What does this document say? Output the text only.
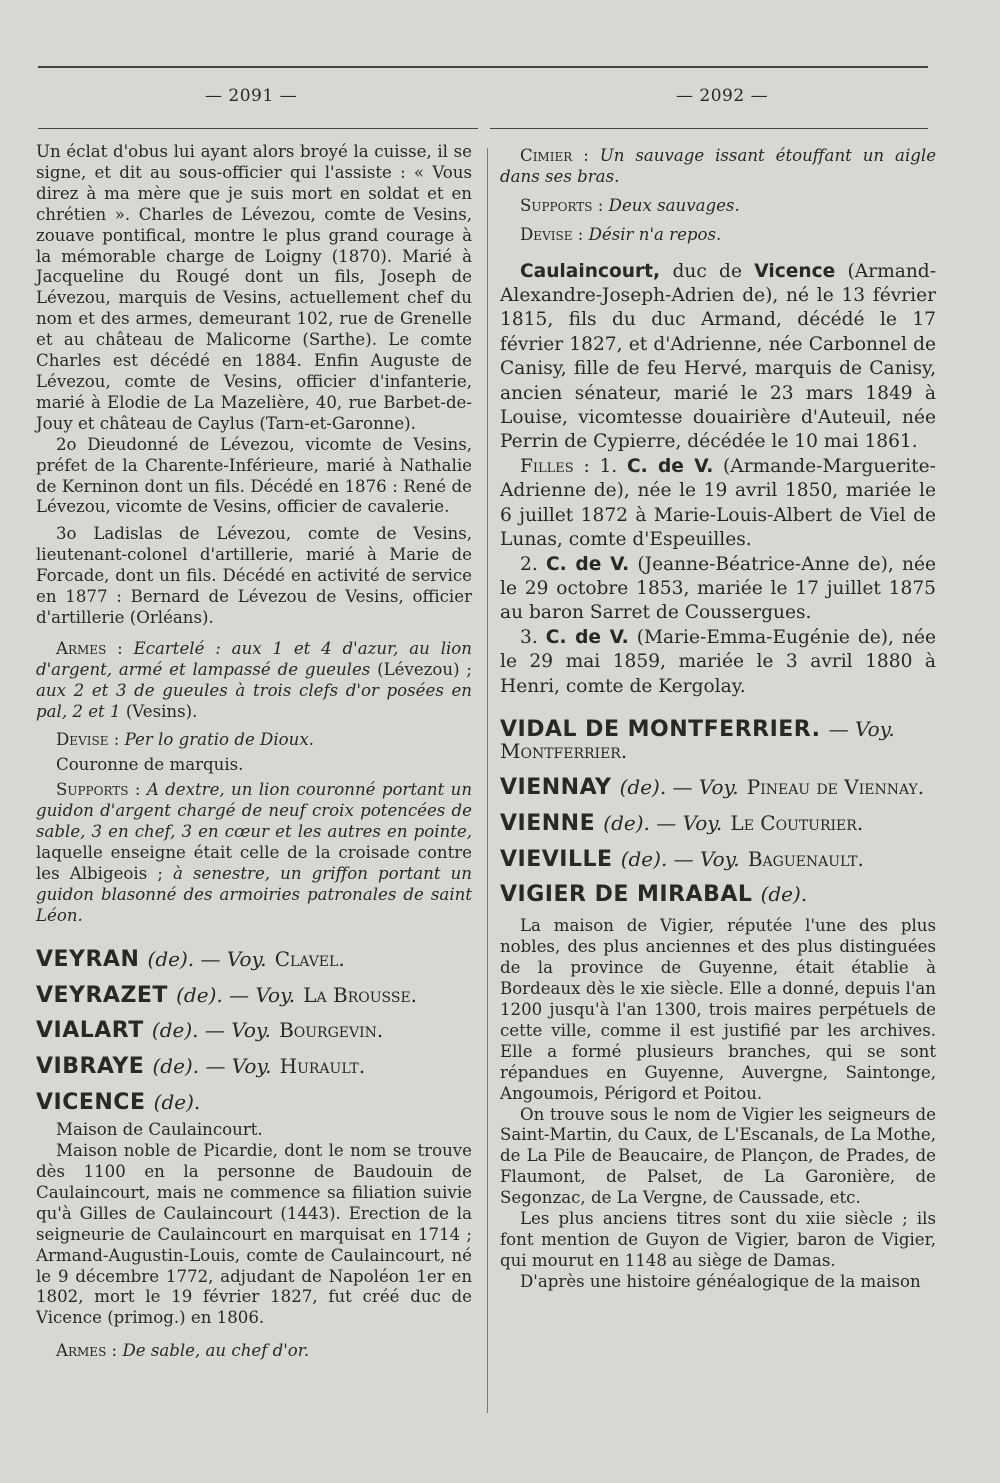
— 2091 —	— 2092 —

Un éclat d'obus lui ayant alors broyé la cuisse, il se signe, et dit au sous-officier qui l'assiste : « Vous direz à ma mère que je suis mort en soldat et en chrétien ». Charles de Lévezou, comte de Vesins, zouave pontifical, montre le plus grand courage à la mémorable charge de Loigny (1870). Marié à Jacqueline du Rougé dont un fils, Joseph de Lévezou, marquis de Vesins, actuellement chef du nom et des armes, demeurant 102, rue de Grenelle et au château de Malicorne (Sarthe). Le comte Charles est décédé en 1884. Enfin Auguste de Lévezou, comte de Vesins, officier d'infanterie, marié à Elodie de La Mazelière, 40, rue Barbet-de-Jouy et château de Caylus (Tarn-et-Garonne).

2o Dieudonné de Lévezou, vicomte de Vesins, préfet de la Charente-Inférieure, marié à Nathalie de Kerninon dont un fils. Décédé en 1876 : René de Lévezou, vicomte de Vesins, officier de cavalerie.

3o Ladislas de Lévezou, comte de Vesins, lieutenant-colonel d'artillerie, marié à Marie de Forcade, dont un fils. Décédé en activité de service en 1877 : Bernard de Lévezou de Vesins, officier d'artillerie (Orléans).

Armes : Ecartelé : aux 1 et 4 d'azur, au lion d'argent, armé et lampassé de gueules (Lévezou) ; aux 2 et 3 de gueules à trois clefs d'or posées en pal, 2 et 1 (Vesins).

Devise : Per lo gratio de Dioux.

Couronne de marquis.

Supports : A dextre, un lion couronné portant un guidon d'argent chargé de neuf croix potencées de sable, 3 en chef, 3 en cœur et les autres en pointe, laquelle enseigne était celle de la croisade contre les Albigeois ; à senestre, un griffon portant un guidon blasonné des armoiries patronales de saint Léon.

VEYRAN (de). — Voy. Clavel.

VEYRAZET (de). — Voy. La Brousse.

VIALART (de). — Voy. Bourgevin.

VIBRAYE (de). — Voy. Hurault.

VICENCE (de).

Maison de Caulaincourt.

Maison noble de Picardie, dont le nom se trouve dès 1100 en la personne de Baudouin de Caulaincourt, mais ne commence sa filiation suivie qu'à Gilles de Caulaincourt (1443). Erection de la seigneurie de Caulaincourt en marquisat en 1714 ; Armand-Augustin-Louis, comte de Caulaincourt, né le 9 décembre 1772, adjudant de Napoléon 1er en 1802, mort le 19 février 1827, fut créé duc de Vicence (primog.) en 1806.

Armes : De sable, au chef d'or.

Cimier : Un sauvage issant étouffant un aigle dans ses bras.

Supports : Deux sauvages.

Devise : Désir n'a repos.

Caulaincourt, duc de Vicence (Armand-Alexandre-Joseph-Adrien de), né le 13 février 1815, fils du duc Armand, décédé le 17 février 1827, et d'Adrienne, née Carbonnel de Canisy, fille de feu Hervé, marquis de Canisy, ancien sénateur, marié le 23 mars 1849 à Louise, vicomtesse douairière d'Auteuil, née Perrin de Cypierre, décédée le 10 mai 1861.

Filles : 1. C. de V. (Armande-Marguerite-Adrienne de), née le 19 avril 1850, mariée le 6 juillet 1872 à Marie-Louis-Albert de Viel de Lunas, comte d'Espeuilles.

2. C. de V. (Jeanne-Béatrice-Anne de), née le 29 octobre 1853, mariée le 17 juillet 1875 au baron Sarret de Coussergues.

3. C. de V. (Marie-Emma-Eugénie de), née le 29 mai 1859, mariée le 3 avril 1880 à Henri, comte de Kergolay.

VIDAL DE MONTFERRIER. — Voy. Montferrier.

VIENNAY (de). — Voy. Pineau de Viennay.

VIENNE (de). — Voy. Le Couturier.

VIEVILLE (de). — Voy. Baguenault.

VIGIER DE MIRABAL (de).

La maison de Vigier, réputée l'une des plus nobles, des plus anciennes et des plus distinguées de la province de Guyenne, était établie à Bordeaux dès le xie siècle. Elle a donné, depuis l'an 1200 jusqu'à l'an 1300, trois maires perpétuels de cette ville, comme il est justifié par les archives. Elle a formé plusieurs branches, qui se sont répandues en Guyenne, Auvergne, Saintonge, Angoumois, Périgord et Poitou.

On trouve sous le nom de Vigier les seigneurs de Saint-Martin, du Caux, de L'Escanals, de La Mothe, de La Pile de Beaucaire, de Plançon, de Prades, de Flaumont, de Palset, de La Garonière, de Segonzac, de La Vergne, de Caussade, etc.

Les plus anciens titres sont du xiie siècle ; ils font mention de Guyon de Vigier, baron de Vigier, qui mourut en 1148 au siège de Damas.

D'après une histoire généalogique de la maison
